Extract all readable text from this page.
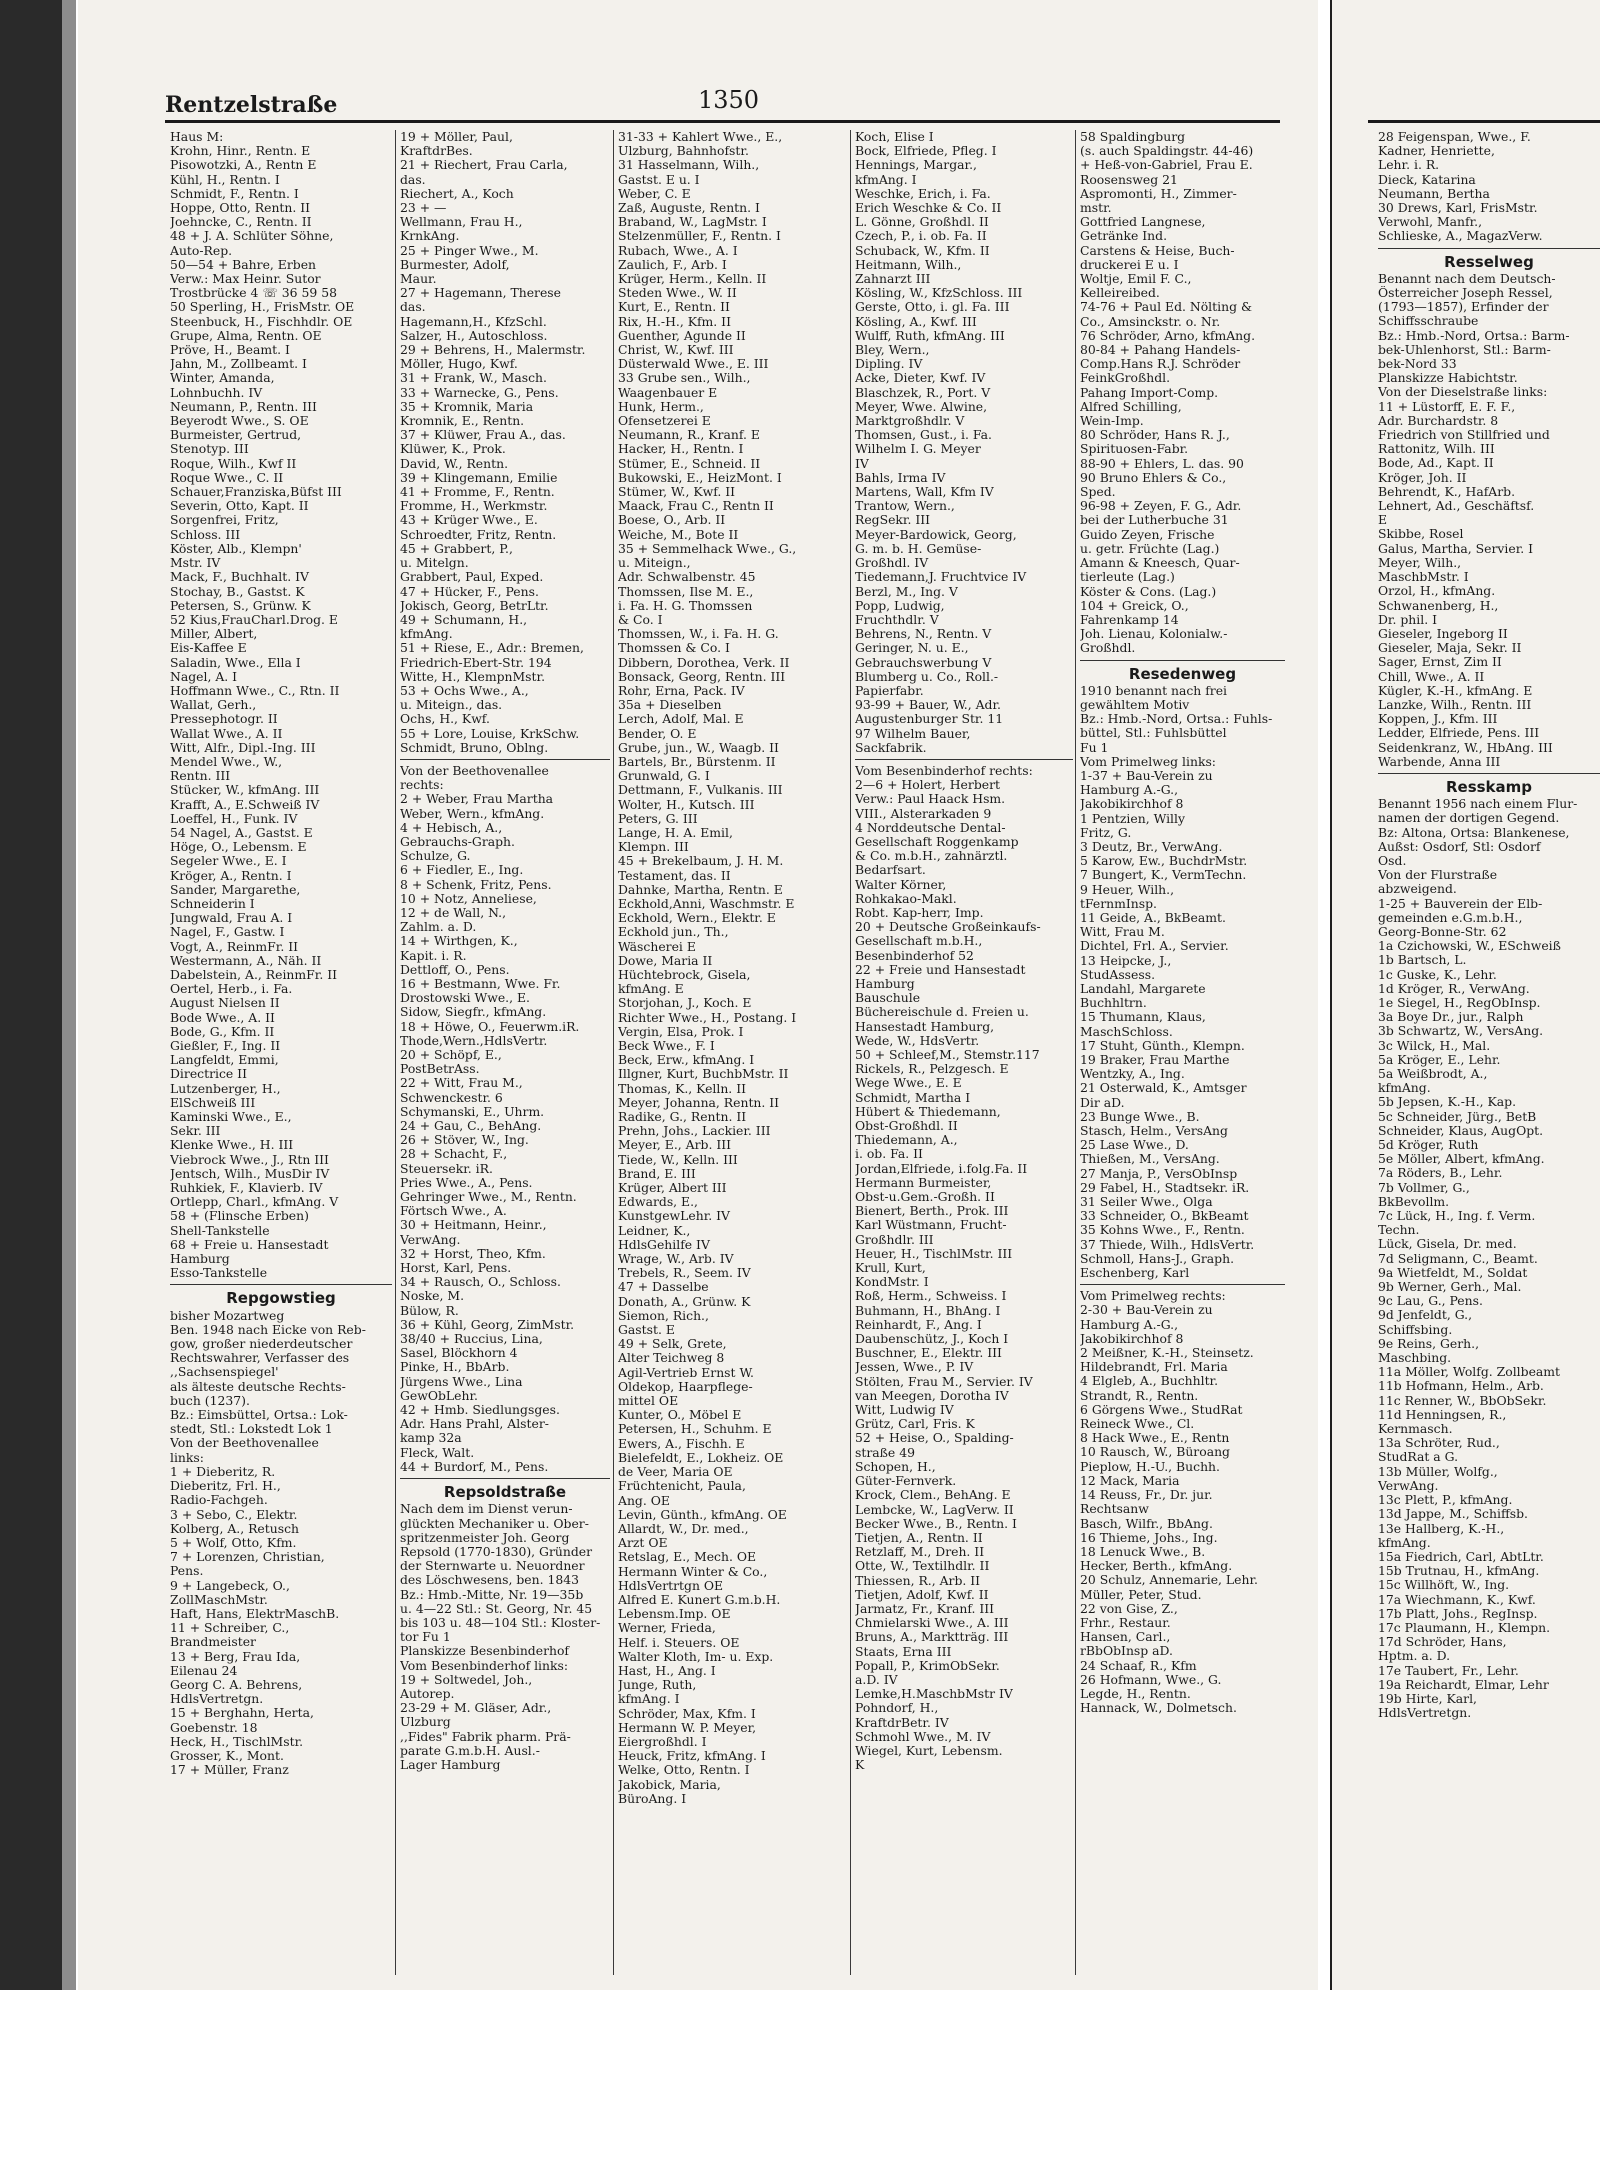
Rentzelstraße	1350
Haus M:
Krohn, Hinr., Rentn. E
Pisowotzki, A., Rentn E
Kühl, H., Rentn. I
Schmidt, F., Rentn. I
Hoppe, Otto, Rentn. II
Joehncke, C., Rentn. II
48 + J. A. Schlüter Söhne,
Auto-Rep.
50—54 + Bahre, Erben
Verw.: Max Heinr. Sutor
Trostbrücke 4 ☏ 36 59 58
50 Sperling, H., FrisMstr. OE
Steenbuck, H., Fischhdlr. OE
Grupe, Alma, Rentn. OE
Pröve, H., Beamt. I
Jahn, M., Zollbeamt. I
Winter, Amanda,
Lohnbuchh. IV
Neumann, P., Rentn. III
Beyerodt Wwe., S. OE
Burmeister, Gertrud,
Stenotyp. III
Roque, Wilh., Kwf II
Roque Wwe., C. II
Schauer,Franziska,Büfst III
Severin, Otto, Kapt. II
Sorgenfrei, Fritz,
Schloss. III
Köster, Alb., Klempn'
Mstr. IV
Mack, F., Buchhalt. IV
Stochay, B., Gastst. K
Petersen, S., Grünw. K
52 Kius,FrauCharl.Drog. E
Miller, Albert,
Eis-Kaffee E
Saladin, Wwe., Ella I
Nagel, A. I
Hoffmann Wwe., C., Rtn. II
Wallat, Gerh.,
Pressephotogr. II
Wallat Wwe., A. II
Witt, Alfr., Dipl.-Ing. III
Mendel Wwe., W.,
Rentn. III
Stücker, W., kfmAng. III
Krafft, A., E.Schweiß IV
Loeffel, H., Funk. IV
54 Nagel, A., Gastst. E
Höge, O., Lebensm. E
Segeler Wwe., E. I
Kröger, A., Rentn. I
Sander, Margarethe,
Schneiderin I
Jungwald, Frau A. I
Nagel, F., Gastw. I
Vogt, A., ReinmFr. II
Westermann, A., Näh. II
Dabelstein, A., ReinmFr. II
Oertel, Herb., i. Fa.
August Nielsen II
Bode Wwe., A. II
Bode, G., Kfm. II
Gießler, F., Ing. II
Langfeldt, Emmi,
Directrice II
Lutzenberger, H.,
ElSchweiß III
Kaminski Wwe., E.,
Sekr. III
Klenke Wwe., H. III
Viebrock Wwe., J., Rtn III
Jentsch, Wilh., MusDir IV
Ruhkiek, F., Klavierb. IV
Ortlepp, Charl., kfmAng. V
58 + (Flinsche Erben)
Shell-Tankstelle
68 + Freie u. Hansestadt
Hamburg
Esso-Tankstelle
Repgowstieg
bisher Mozartweg
Ben. 1948 nach Eicke von Reb-
gow, großer niederdeutscher
Rechtswahrer, Verfasser des
,,Sachsenspiegel'
als älteste deutsche Rechts-
buch (1237).
Bz.: Eimsbüttel, Ortsa.: Lok-
stedt, Stl.: Lokstedt Lok 1
Von der Beethovenallee
links:
1 + Dieberitz, R.
Dieberitz, Frl. H.,
Radio-Fachgeh.
3 + Sebo, C., Elektr.
Kolberg, A., Retusch
5 + Wolf, Otto, Kfm.
7 + Lorenzen, Christian,
Pens.
9 + Langebeck, O.,
ZollMaschMstr.
Haft, Hans, ElektrMaschB.
11 + Schreiber, C.,
Brandmeister
13 + Berg, Frau Ida,
Eilenau 24
Georg C. A. Behrens,
HdlsVertretgn.
15 + Berghahn, Herta,
Goebenstr. 18
Heck, H., TischlMstr.
Grosser, K., Mont.
17 + Müller, Franz
19 + Möller, Paul,
KraftdrBes.
21 + Riechert, Frau Carla,
das.
Riechert, A., Koch
23 + —
Wellmann, Frau H.,
KrnkAng.
25 + Pinger Wwe., M.
Burmester, Adolf,
Maur.
27 + Hagemann, Therese
das.
Hagemann,H., KfzSchl.
Salzer, H., Autoschloss.
29 + Behrens, H., Malermstr.
Möller, Hugo, Kwf.
31 + Frank, W., Masch.
33 + Warnecke, G., Pens.
35 + Kromnik, Maria
Kromnik, E., Rentn.
37 + Klüwer, Frau A., das.
Klüwer, K., Prok.
David, W., Rentn.
39 + Klingemann, Emilie
41 + Fromme, F., Rentn.
Fromme, H., Werkmstr.
43 + Krüger Wwe., E.
Schroedter, Fritz, Rentn.
45 + Grabbert, P.,
u. Mitelgn.
Grabbert, Paul, Exped.
47 + Hücker, F., Pens.
Jokisch, Georg, BetrLtr.
49 + Schumann, H.,
kfmAng.
51 + Riese, E., Adr.: Bremen,
Friedrich-Ebert-Str. 194
Witte, H., KlempnMstr.
53 + Ochs Wwe., A.,
u. Miteign., das.
Ochs, H., Kwf.
55 + Lore, Louise, KrkSchw.
Schmidt, Bruno, Oblng.
Von der Beethovenallee
rechts:
2 + Weber, Frau Martha
Weber, Wern., kfmAng.
4 + Hebisch, A.,
Gebrauchs-Graph.
Schulze, G.
6 + Fiedler, E., Ing.
8 + Schenk, Fritz, Pens.
10 + Notz, Anneliese,
12 + de Wall, N.,
Zahlm. a. D.
14 + Wirthgen, K.,
Kapit. i. R.
Dettloff, O., Pens.
16 + Bestmann, Wwe. Fr.
Drostowski Wwe., E.
Sidow, Siegfr., kfmAng.
18 + Höwe, O., Feuerwm.iR.
Thode,Wern.,HdlsVertr.
20 + Schöpf, E.,
PostBetrAss.
22 + Witt, Frau M.,
Schwenckestr. 6
Schymanski, E., Uhrm.
24 + Gau, C., BehAng.
26 + Stöver, W., Ing.
28 + Schacht, F.,
Steuersekr. iR.
Pries Wwe., A., Pens.
Gehringer Wwe., M., Rentn.
Förtsch Wwe., A.
30 + Heitmann, Heinr.,
VerwAng.
32 + Horst, Theo, Kfm.
Horst, Karl, Pens.
34 + Rausch, O., Schloss.
Noske, M.
Bülow, R.
36 + Kühl, Georg, ZimMstr.
38/40 + Ruccius, Lina,
Sasel, Blöckhorn 4
Pinke, H., BbArb.
Jürgens Wwe., Lina
GewObLehr.
42 + Hmb. Siedlungsges.
Adr. Hans Prahl, Alster-
kamp 32a
Fleck, Walt.
44 + Burdorf, M., Pens.
Repsoldstraße
Nach dem im Dienst verun-
glückten Mechaniker u. Ober-
spritzenmeister Joh. Georg
Repsold (1770-1830), Gründer
der Sternwarte u. Neuordner
des Löschwesens, ben. 1843
Bz.: Hmb.-Mitte, Nr. 19—35b
u. 4—22 Stl.: St. Georg, Nr. 45
bis 103 u. 48—104 Stl.: Kloster-
tor Fu 1
Planskizze Besenbinderhof
Vom Besenbinderhof links:
19 + Soltwedel, Joh.,
Autorep.
23-29 + M. Gläser, Adr.,
Ulzburg
,,Fides" Fabrik pharm. Prä-
parate G.m.b.H. Ausl.-
Lager Hamburg
31-33 + Kahlert Wwe., E.,
Ulzburg, Bahnhofstr.
31 Hasselmann, Wilh.,
Gastst. E u. I
Weber, C. E
Zaß, Auguste, Rentn. I
Braband, W., LagMstr. I
Stelzenmüller, F., Rentn. I
Rubach, Wwe., A. I
Zaulich, F., Arb. I
Krüger, Herm., Kelln. II
Steden Wwe., W. II
Kurt, E., Rentn. II
Rix, H.-H., Kfm. II
Guenther, Agunde II
Christ, W., Kwf. III
Düsterwald Wwe., E. III
33 Grube sen., Wilh.,
Waagenbauer E
Hunk, Herm.,
Ofensetzerei E
Neumann, R., Kranf. E
Hacker, H., Rentn. I
Stümer, E., Schneid. II
Bukowski, E., HeizMont. I
Stümer, W., Kwf. II
Maack, Frau C., Rentn II
Boese, O., Arb. II
Weiche, M., Bote II
35 + Semmelhack Wwe., G.,
u. Miteign.,
Adr. Schwalbenstr. 45
Thomssen, Ilse M. E.,
i. Fa. H. G. Thomssen
& Co. I
Thomssen, W., i. Fa. H. G.
Thomssen & Co. I
Dibbern, Dorothea, Verk. II
Bonsack, Georg, Rentn. III
Rohr, Erna, Pack. IV
35a + Dieselben
Lerch, Adolf, Mal. E
Bender, O. E
Grube, jun., W., Waagb. II
Bartels, Br., Bürstenm. II
Grunwald, G. I
Dettmann, F., Vulkanis. III
Wolter, H., Kutsch. III
Peters, G. III
Lange, H. A. Emil,
Klempn. III
45 + Brekelbaum, J. H. M.
Testament, das. II
Dahnke, Martha, Rentn. E
Eckhold,Anni, Waschmstr. E
Eckhold, Wern., Elektr. E
Eckhold jun., Th.,
Wäscherei E
Dowe, Maria II
Hüchtebrock, Gisela,
kfmAng. E
Storjohan, J., Koch. E
Richter Wwe., H., Postang. I
Vergin, Elsa, Prok. I
Beck Wwe., F. I
Beck, Erw., kfmAng. I
Illgner, Kurt, BuchbMstr. II
Thomas, K., Kelln. II
Meyer, Johanna, Rentn. II
Radike, G., Rentn. II
Prehn, Johs., Lackier. III
Meyer, E., Arb. III
Tiede, W., Kelln. III
Brand, E. III
Krüger, Albert III
Edwards, E.,
KunstgewLehr. IV
Leidner, K.,
HdlsGehilfe IV
Wrage, W., Arb. IV
Trebels, R., Seem. IV
47 + Dasselbe
Donath, A., Grünw. K
Siemon, Rich.,
Gastst. E
49 + Selk, Grete,
Alter Teichweg 8
Agil-Vertrieb Ernst W.
Oldekop, Haarpflege-
mittel OE
Kunter, O., Möbel E
Petersen, H., Schuhm. E
Ewers, A., Fischh. E
Bielefeldt, E., Lokheiz. OE
de Veer, Maria OE
Früchtenicht, Paula,
Ang. OE
Levin, Günth., kfmAng. OE
Allardt, W., Dr. med.,
Arzt OE
Retslag, E., Mech. OE
Hermann Winter & Co.,
HdlsVertrtgn OE
Alfred E. Kunert G.m.b.H.
Lebensm.Imp. OE
Werner, Frieda,
Helf. i. Steuers. OE
Walter Kloth, Im- u. Exp.
Hast, H., Ang. I
Junge, Ruth,
kfmAng. I
Schröder, Max, Kfm. I
Hermann W. P. Meyer,
Eiergroßhdl. I
Heuck, Fritz, kfmAng. I
Welke, Otto, Rentn. I
Jakobick, Maria,
BüroAng. I
Koch, Elise I
Bock, Elfriede, Pfleg. I
Hennings, Margar.,
kfmAng. I
Weschke, Erich, i. Fa.
Erich Weschke & Co. II
L. Gönne, Großhdl. II
Czech, P., i. ob. Fa. II
Schuback, W., Kfm. II
Heitmann, Wilh.,
Zahnarzt III
Kösling, W., KfzSchloss. III
Gerste, Otto, i. gl. Fa. III
Kösling, A., Kwf. III
Wulff, Ruth, kfmAng. III
Bley, Wern.,
Dipling. IV
Acke, Dieter, Kwf. IV
Blaschzek, R., Port. V
Meyer, Wwe. Alwine,
Marktgroßhdlr. V
Thomsen, Gust., i. Fa.
Wilhelm I. G. Meyer
IV
Bahls, Irma IV
Martens, Wall, Kfm IV
Trantow, Wern.,
RegSekr. III
Meyer-Bardowick, Georg,
G. m. b. H. Gemüse-
Großhdl. IV
Tiedemann,J. Fruchtvice IV
Berzl, M., Ing. V
Popp, Ludwig,
Fruchthdlr. V
Behrens, N., Rentn. V
Geringer, N. u. E.,
Gebrauchswerbung V
Blumberg u. Co., Roll.-
Papierfabr.
93-99 + Bauer, W., Adr.
Augustenburger Str. 11
97 Wilhelm Bauer,
Sackfabrik.
Vom Besenbinderhof rechts:
2—6 + Holert, Herbert
Verw.: Paul Haack Hsm.
VIII., Alsterarkaden 9
4 Norddeutsche Dental-
Gesellschaft Roggenkamp
& Co. m.b.H., zahnärztl.
Bedarfsart.
Walter Körner,
Rohkakao-Makl.
Robt. Kap-herr, Imp.
20 + Deutsche Großeinkaufs-
Gesellschaft m.b.H.,
Besenbinderhof 52
22 + Freie und Hansestadt
Hamburg
Bauschule
Büchereischule d. Freien u.
Hansestadt Hamburg,
Wede, W., HdsVertr.
50 + Schleef,M., Stemstr.117
Rickels, R., Pelzgesch. E
Wege Wwe., E. E
Schmidt, Martha I
Hübert & Thiedemann,
Obst-Großhdl. II
Thiedemann, A.,
i. ob. Fa. II
Jordan,Elfriede, i.folg.Fa. II
Hermann Burmeister,
Obst-u.Gem.-Großh. II
Bienert, Berth., Prok. III
Karl Wüstmann, Frucht-
Großhdlr. III
Heuer, H., TischlMstr. III
Krull, Kurt,
KondMstr. I
Roß, Herm., Schweiss. I
Buhmann, H., BhAng. I
Reinhardt, F., Ang. I
Daubenschütz, J., Koch I
Buschner, E., Elektr. III
Jessen, Wwe., P. IV
Stölten, Frau M., Servier. IV
van Meegen, Dorotha IV
Witt, Ludwig IV
Grütz, Carl, Fris. K
52 + Heise, O., Spalding-
straße 49
Schopen, H.,
Güter-Fernverk.
Krock, Clem., BehAng. E
Lembcke, W., LagVerw. II
Becker Wwe., B., Rentn. I
Tietjen, A., Rentn. II
Retzlaff, M., Dreh. II
Otte, W., Textilhdlr. II
Thiessen, R., Arb. II
Tietjen, Adolf, Kwf. II
Jarmatz, Fr., Kranf. III
Chmielarski Wwe., A. III
Bruns, A., Marktträg. III
Staats, Erna III
Popall, P., KrimObSekr.
a.D. IV
Lemke,H.MaschbMstr IV
Pohndorf, H.,
KraftdrBetr. IV
Schmohl Wwe., M. IV
Wiegel, Kurt, Lebensm.
K
58 Spaldingburg
(s. auch Spaldingstr. 44-46)
+ Heß-von-Gabriel, Frau E.
Roosensweg 21
Aspromonti, H., Zimmer-
mstr.
Gottfried Langnese,
Getränke Ind.
Carstens & Heise, Buch-
druckerei E u. I
Woltje, Emil F. C.,
Kelleireibed.
74-76 + Paul Ed. Nölting &
Co., Amsinckstr. o. Nr.
76 Schröder, Arno, kfmAng.
80-84 + Pahang Handels-
Comp.Hans R.J. Schröder
FeinkGroßhdl.
Pahang Import-Comp.
Alfred Schilling,
Wein-Imp.
80 Schröder, Hans R. J.,
Spirituosen-Fabr.
88-90 + Ehlers, L. das. 90
90 Bruno Ehlers & Co.,
Sped.
96-98 + Zeyen, F. G., Adr.
bei der Lutherbuche 31
Guido Zeyen, Frische
u. getr. Früchte (Lag.)
Amann & Kneesch, Quar-
tierleute (Lag.)
Köster & Cons. (Lag.)
104 + Greick, O.,
Fahrenkamp 14
Joh. Lienau, Kolonialw.-
Großhdl.
Resedenweg
1910 benannt nach frei
gewähltem Motiv
Bz.: Hmb.-Nord, Ortsa.: Fuhls-
büttel, Stl.: Fuhlsbüttel
Fu 1
Vom Primelweg links:
1-37 + Bau-Verein zu
Hamburg A.-G.,
Jakobikirchhof 8
1 Pentzien, Willy
Fritz, G.
3 Deutz, Br., VerwAng.
5 Karow, Ew., BuchdrMstr.
7 Bungert, K., VermTechn.
9 Heuer, Wilh.,
tFernmInsp.
11 Geide, A., BkBeamt.
Witt, Frau M.
Dichtel, Frl. A., Servier.
13 Heipcke, J.,
StudAssess.
Landahl, Margarete
Buchhltrn.
15 Thumann, Klaus,
MaschSchloss.
17 Stuht, Günth., Klempn.
19 Braker, Frau Marthe
Wentzky, A., Ing.
21 Osterwald, K., Amtsger
Dir aD.
23 Bunge Wwe., B.
Stasch, Helm., VersAng
25 Lase Wwe., D.
Thießen, M., VersAng.
27 Manja, P., VersObInsp
29 Fabel, H., Stadtsekr. iR.
31 Seiler Wwe., Olga
33 Schneider, O., BkBeamt
35 Kohns Wwe., F., Rentn.
37 Thiede, Wilh., HdlsVertr.
Schmoll, Hans-J., Graph.
Eschenberg, Karl
Vom Primelweg rechts:
2-30 + Bau-Verein zu
Hamburg A.-G.,
Jakobikirchhof 8
2 Meißner, K.-H., Steinsetz.
Hildebrandt, Frl. Maria
4 Elgleb, A., Buchhltr.
Strandt, R., Rentn.
6 Görgens Wwe., StudRat
Reineck Wwe., Cl.
8 Hack Wwe., E., Rentn
10 Rausch, W., Büroang
Pieplow, H.-U., Buchh.
12 Mack, Maria
14 Reuss, Fr., Dr. jur.
Rechtsanw
Basch, Wilfr., BbAng.
16 Thieme, Johs., Ing.
18 Lenuck Wwe., B.
Hecker, Berth., kfmAng.
20 Schulz, Annemarie, Lehr.
Müller, Peter, Stud.
22 von Gise, Z.,
Frhr., Restaur.
Hansen, Carl.,
rBbObInsp aD.
24 Schaaf, R., Kfm
26 Hofmann, Wwe., G.
Legde, H., Rentn.
Hannack, W., Dolmetsch.
28 Feigenspan, Wwe., F.
Kadner, Henriette,
Lehr. i. R.
Dieck, Katarina
Neumann, Bertha
30 Drews, Karl, FrisMstr.
Verwohl, Manfr.,
Schlieske, A., MagazVerw.
Resselweg
Benannt nach dem Deutsch-
Österreicher Joseph Ressel,
(1793—1857), Erfinder der
Schiffsschraube
Bz.: Hmb.-Nord, Ortsa.: Barm-
bek-Uhlenhorst, Stl.: Barm-
bek-Nord 33
Planskizze Habichtstr.
Von der Dieselstraße links:
11 + Lüstorff, E. F. F.,
Adr. Burchardstr. 8
Friedrich von Stillfried und
Rattonitz, Wilh. III
Bode, Ad., Kapt. II
Kröger, Joh. II
Behrendt, K., HafArb.
Lehnert, Ad., Geschäftsf.
E
Skibbe, Rosel
Galus, Martha, Servier. I
Meyer, Wilh.,
MaschbMstr. I
Orzol, H., kfmAng.
Schwanenberg, H.,
Dr. phil. I
Gieseler, Ingeborg II
Gieseler, Maja, Sekr. II
Sager, Ernst, Zim II
Chill, Wwe., A. II
Kügler, K.-H., kfmAng. E
Lanzke, Wilh., Rentn. III
Koppen, J., Kfm. III
Ledder, Elfriede, Pens. III
Seidenkranz, W., HbAng. III
Warbende, Anna III
Resskamp
Benannt 1956 nach einem Flur-
namen der dortigen Gegend.
Bz: Altona, Ortsa: Blankenese,
Außst: Osdorf, Stl: Osdorf
Osd.
Von der Flurstraße
abzweigend.
1-25 + Bauverein der Elb-
gemeinden e.G.m.b.H.,
Georg-Bonne-Str. 62
1a Czichowski, W., ESchweiß
1b Bartsch, L.
1c Guske, K., Lehr.
1d Kröger, R., VerwAng.
1e Siegel, H., RegObInsp.
3a Boye Dr., jur., Ralph
3b Schwartz, W., VersAng.
3c Wilck, H., Mal.
5a Kröger, E., Lehr.
5a Weißbrodt, A.,
kfmAng.
5b Jepsen, K.-H., Kap.
5c Schneider, Jürg., BetB
Schneider, Klaus, AugOpt.
5d Kröger, Ruth
5e Möller, Albert, kfmAng.
7a Röders, B., Lehr.
7b Vollmer, G.,
BkBevollm.
7c Lück, H., Ing. f. Verm.
Techn.
Lück, Gisela, Dr. med.
7d Seligmann, C., Beamt.
9a Wietfeldt, M., Soldat
9b Werner, Gerh., Mal.
9c Lau, G., Pens.
9d Jenfeldt, G.,
Schiffsbing.
9e Reins, Gerh.,
Maschbing.
11a Möller, Wolfg. Zollbeamt
11b Hofmann, Helm., Arb.
11c Renner, W., BbObSekr.
11d Henningsen, R.,
Kernmasch.
13a Schröter, Rud.,
StudRat a G.
13b Müller, Wolfg.,
VerwAng.
13c Plett, P., kfmAng.
13d Jappe, M., Schiffsb.
13e Hallberg, K.-H.,
kfmAng.
15a Fiedrich, Carl, AbtLtr.
15b Trutnau, H., kfmAng.
15c Willhöft, W., Ing.
17a Wiechmann, K., Kwf.
17b Platt, Johs., RegInsp.
17c Plaumann, H., Klempn.
17d Schröder, Hans,
Hptm. a. D.
17e Taubert, Fr., Lehr.
19a Reichardt, Elmar, Lehr
19b Hirte, Karl,
HdlsVertretgn.
